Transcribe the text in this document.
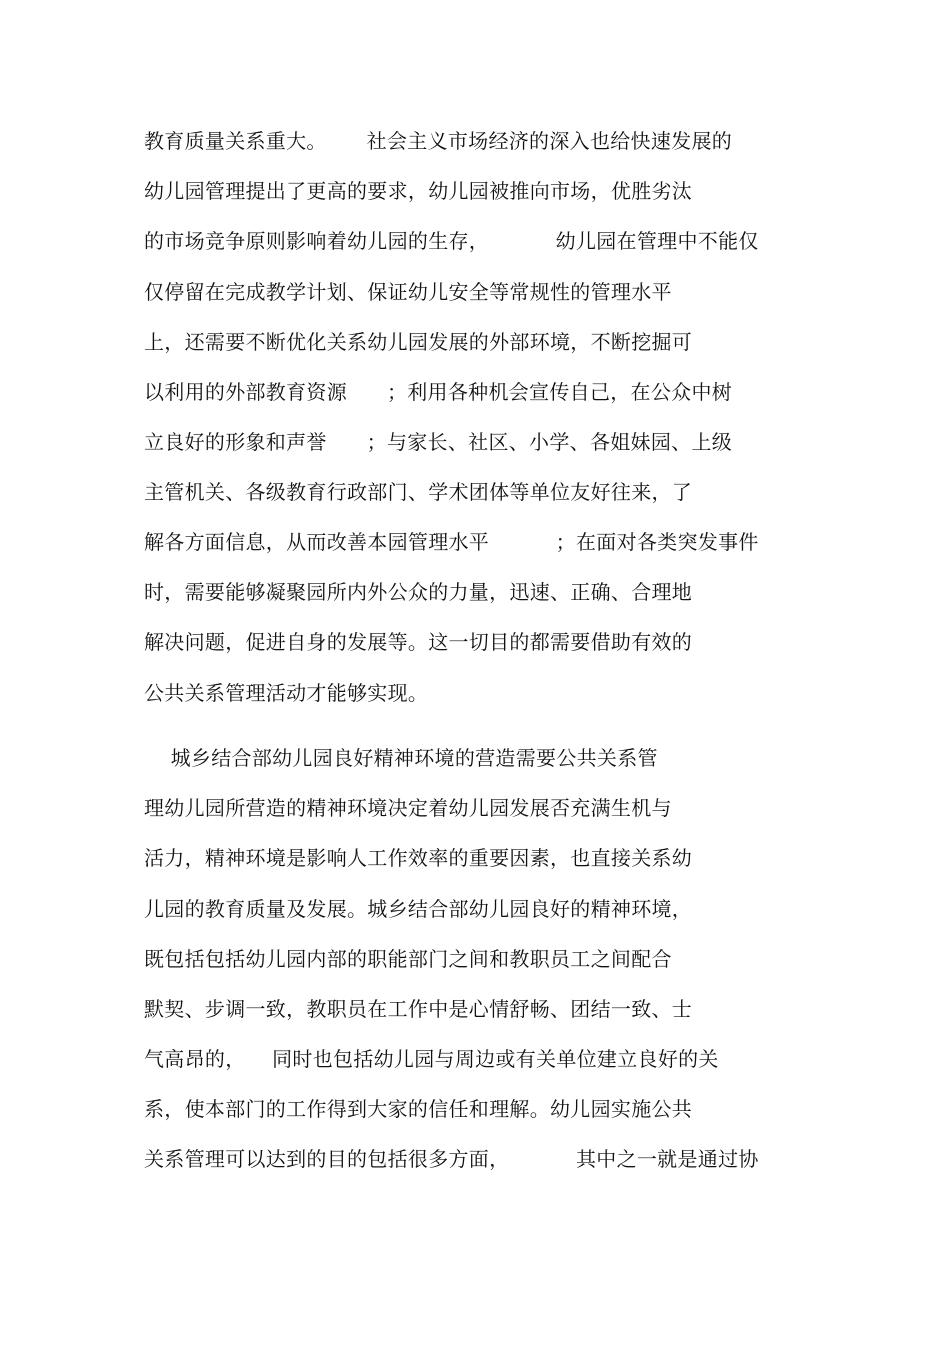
教育质量关系重大。      社会主义市场经济的深入也给快速发展的
幼儿园管理提出了更高的要求，幼儿园被推向市场，优胜劣汰
的市场竞争原则影响着幼儿园的生存，          幼儿园在管理中不能仅
仅停留在完成教学计划、保证幼儿安全等常规性的管理水平
上，还需要不断优化关系幼儿园发展的外部环境，不断挖掘可
以利用的外部教育资源      ；利用各种机会宣传自己，在公众中树
立良好的形象和声誉      ；与家长、社区、小学、各姐妹园、上级
主管机关、各级教育行政部门、学术团体等单位友好往来，了
解各方面信息，从而改善本园管理水平          ；在面对各类突发事件
时，需要能够凝聚园所内外公众的力量，迅速、正确、合理地
解决问题，促进自身的发展等。这一切目的都需要借助有效的
公共关系管理活动才能够实现。
城乡结合部幼儿园良好精神环境的营造需要公共关系管
理幼儿园所营造的精神环境决定着幼儿园发展否充满生机与
活力，精神环境是影响人工作效率的重要因素，也直接关系幼
儿园的教育质量及发展。城乡结合部幼儿园良好的精神环境，
既包括包括幼儿园内部的职能部门之间和教职员工之间配合
默契、步调一致，教职员在工作中是心情舒畅、团结一致、士
气高昂的，    同时也包括幼儿园与周边或有关单位建立良好的关
系，使本部门的工作得到大家的信任和理解。幼儿园实施公共
关系管理可以达到的目的包括很多方面，          其中之一就是通过协
